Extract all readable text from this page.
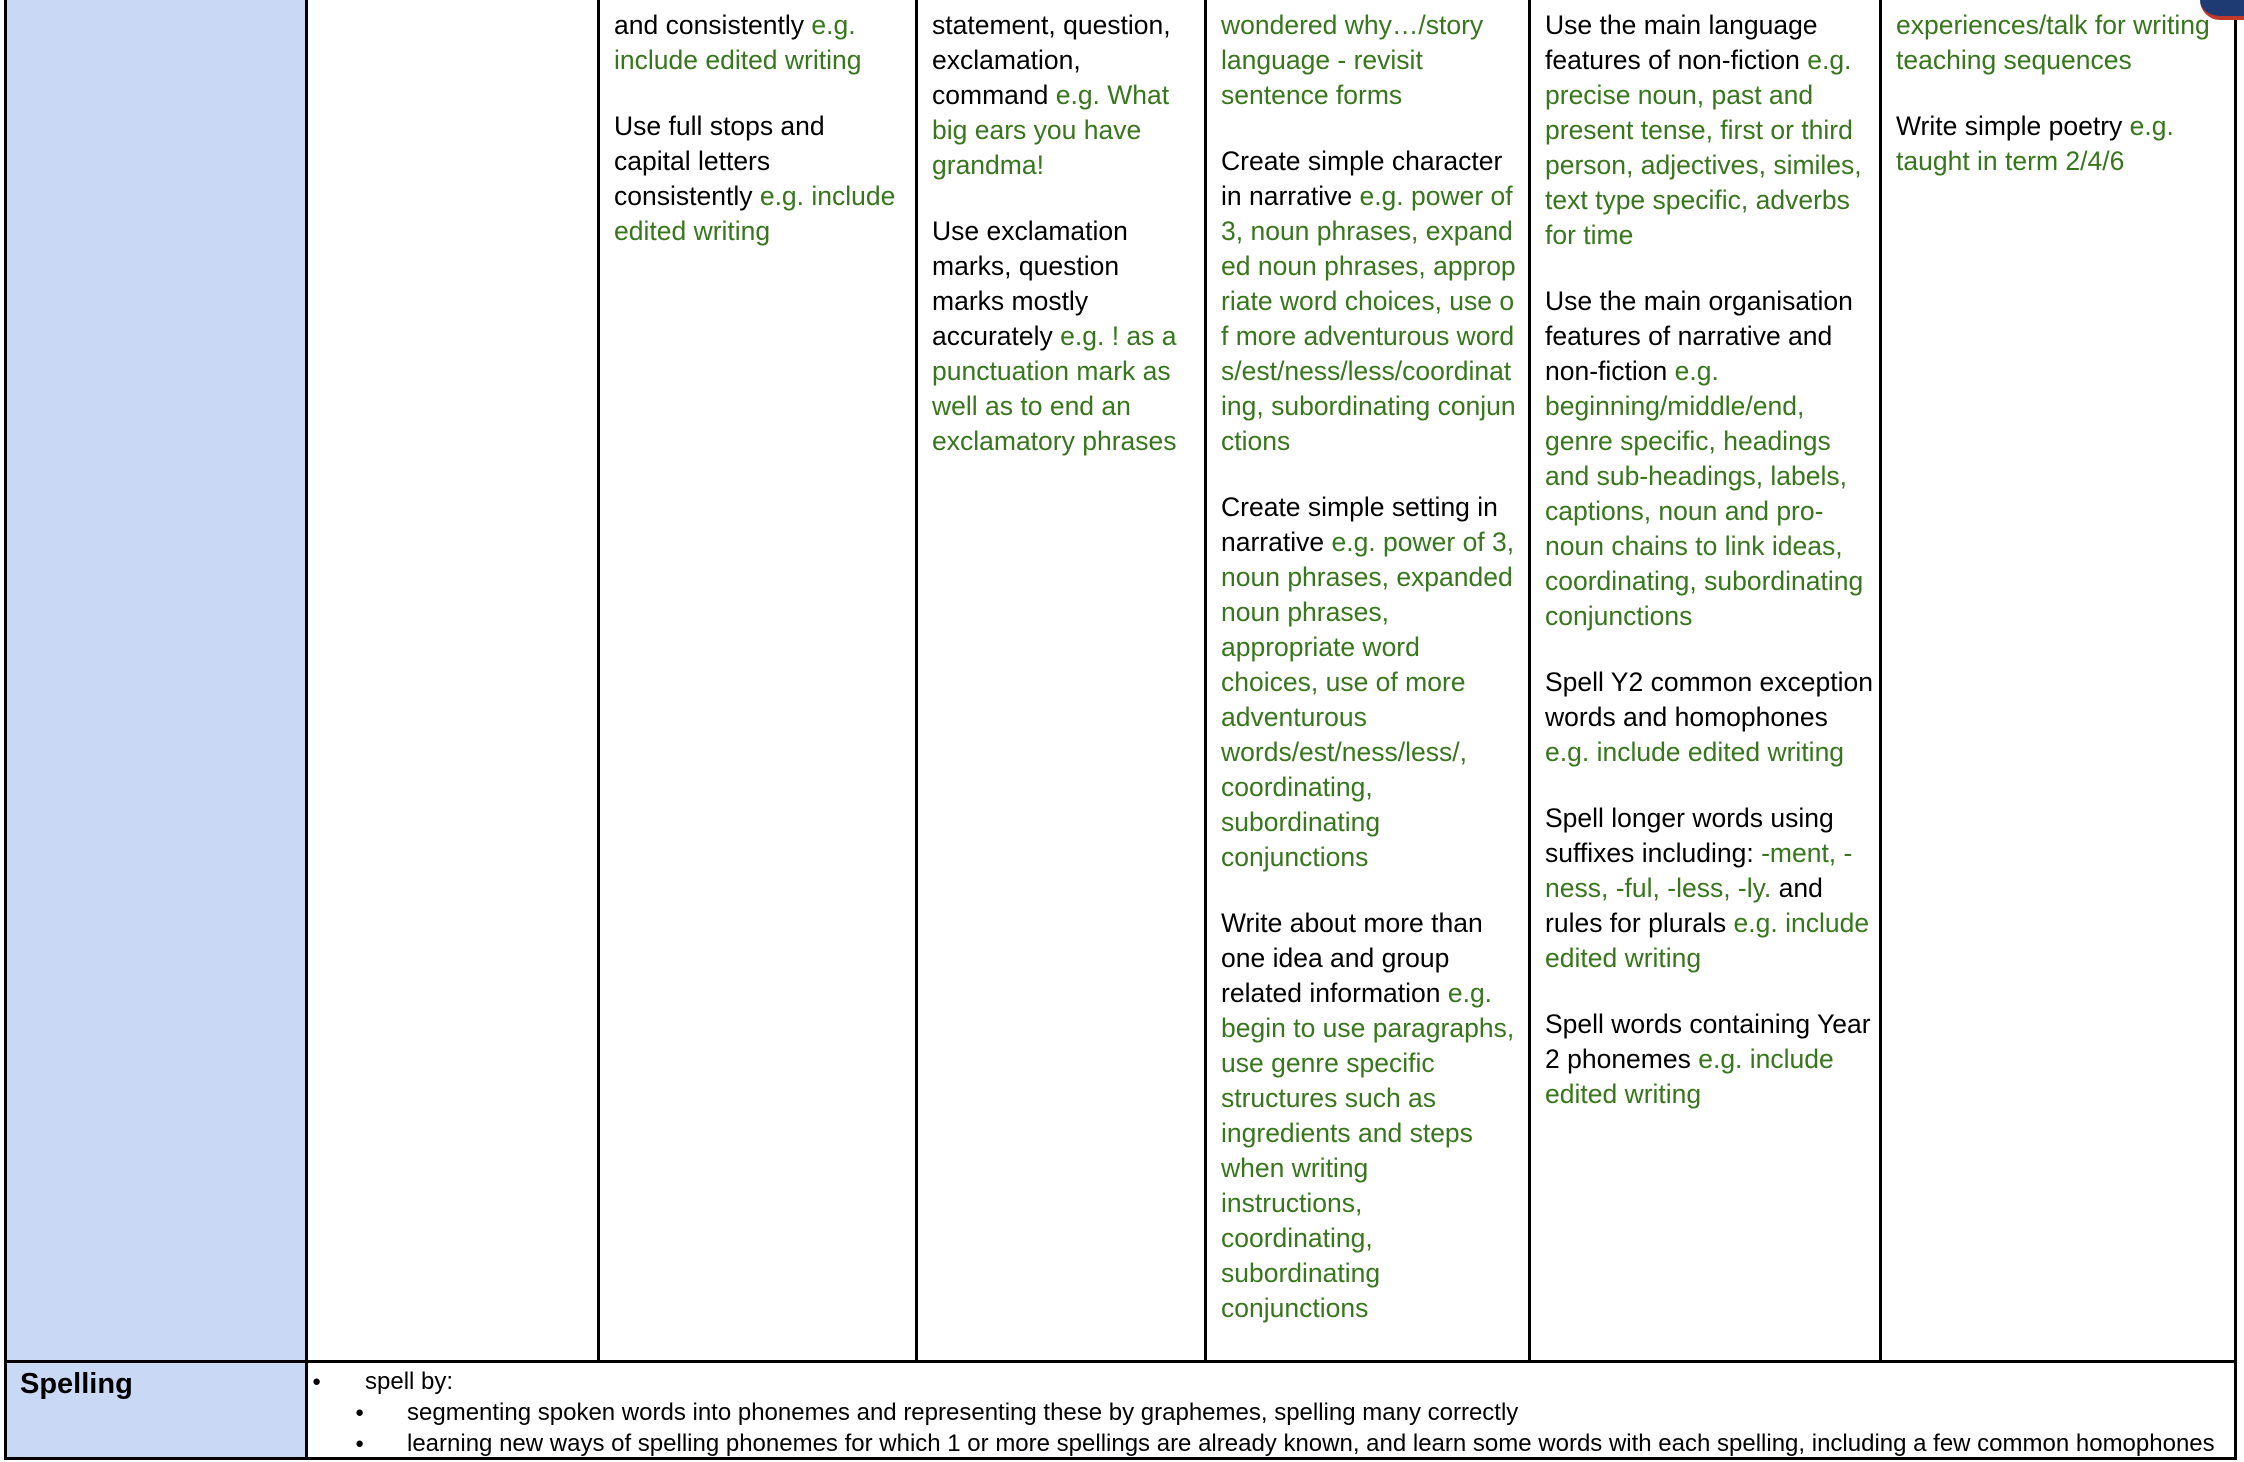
and consistently e.g. include edited writing

Use full stops and capital letters consistently e.g. include edited writing

statement, question, exclamation, command e.g. What big ears you have grandma!

Use exclamation marks, question marks mostly accurately e.g. ! as a punctuation mark as well as to end an exclamatory phrases

wondered why…/story language - revisit sentence forms

Create simple character in narrative e.g. power of 3, noun phrases, expanded noun phrases, appropriate word choices, use of more adventurous words/est/ness/less/coordinating, subordinating conjunctions

Create simple setting in narrative e.g. power of 3, noun phrases, expanded noun phrases, appropriate word choices, use of more adventurous words/est/ness/less/, coordinating, subordinating conjunctions

Write about more than one idea and group related information e.g. begin to use paragraphs, use genre specific structures such as ingredients and steps when writing instructions, coordinating, subordinating conjunctions

Use the main language features of non-fiction e.g. precise noun, past and present tense, first or third person, adjectives, similes, text type specific, adverbs for time

Use the main organisation features of narrative and non-fiction e.g. beginning/middle/end, genre specific, headings and sub-headings, labels, captions, noun and pro-noun chains to link ideas, coordinating, subordinating conjunctions

Spell Y2 common exception words and homophones e.g. include edited writing

Spell longer words using suffixes including: -ment, -ness, -ful, -less, -ly. and rules for plurals e.g. include edited writing

Spell words containing Year 2 phonemes e.g. include edited writing

experiences/talk for writing teaching sequences

Write simple poetry e.g. taught in term 2/4/6

Spelling
●	spell by:
● segmenting spoken words into phonemes and representing these by graphemes, spelling many correctly
● learning new ways of spelling phonemes for which 1 or more spellings are already known, and learn some words with each spelling, including a few common homophones
